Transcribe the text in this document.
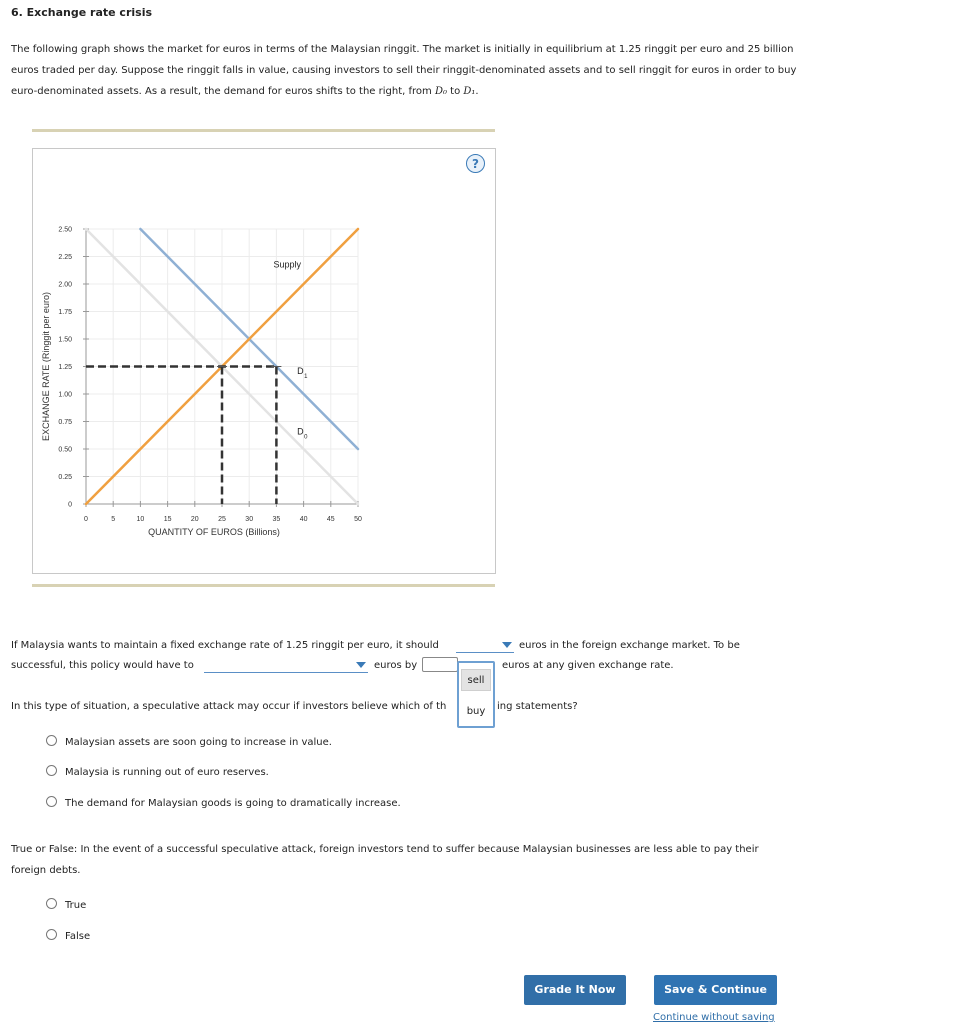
6. Exchange rate crisis
The following graph shows the market for euros in terms of the Malaysian ringgit. The market is initially in equilibrium at 1.25 ringgit per euro and 25 billion euros traded per day. Suppose the ringgit falls in value, causing investors to sell their ringgit-denominated assets and to sell ringgit for euros in order to buy euro-denominated assets. As a result, the demand for euros shifts to the right, from D₀ to D₁.
?
0	5	10	15	20	25	30	35	40	45	50
0
0.25
0.50
0.75
1.00
1.25
1.50
1.75
2.00
2.25
2.50
QUANTITY OF EUROS (Billions)
EXCHANGE RATE (Ringgit per euro)
Supply
D
1
D
0
If Malaysia wants to maintain a fixed exchange rate of 1.25 ringgit per euro, it should	euros in the foreign exchange market. To be
successful, this policy would have to	euros by	euros at any given exchange rate.
In this type of situation, a speculative attack may occur if investors believe which of th	ing statements?
Malaysian assets are soon going to increase in value.
Malaysia is running out of euro reserves.
The demand for Malaysian goods is going to dramatically increase.
True or False: In the event of a successful speculative attack, foreign investors tend to suffer because Malaysian businesses are less able to pay their
foreign debts.
True
False
sell
buy
Grade It Now	Save & Continue
Continue without saving
